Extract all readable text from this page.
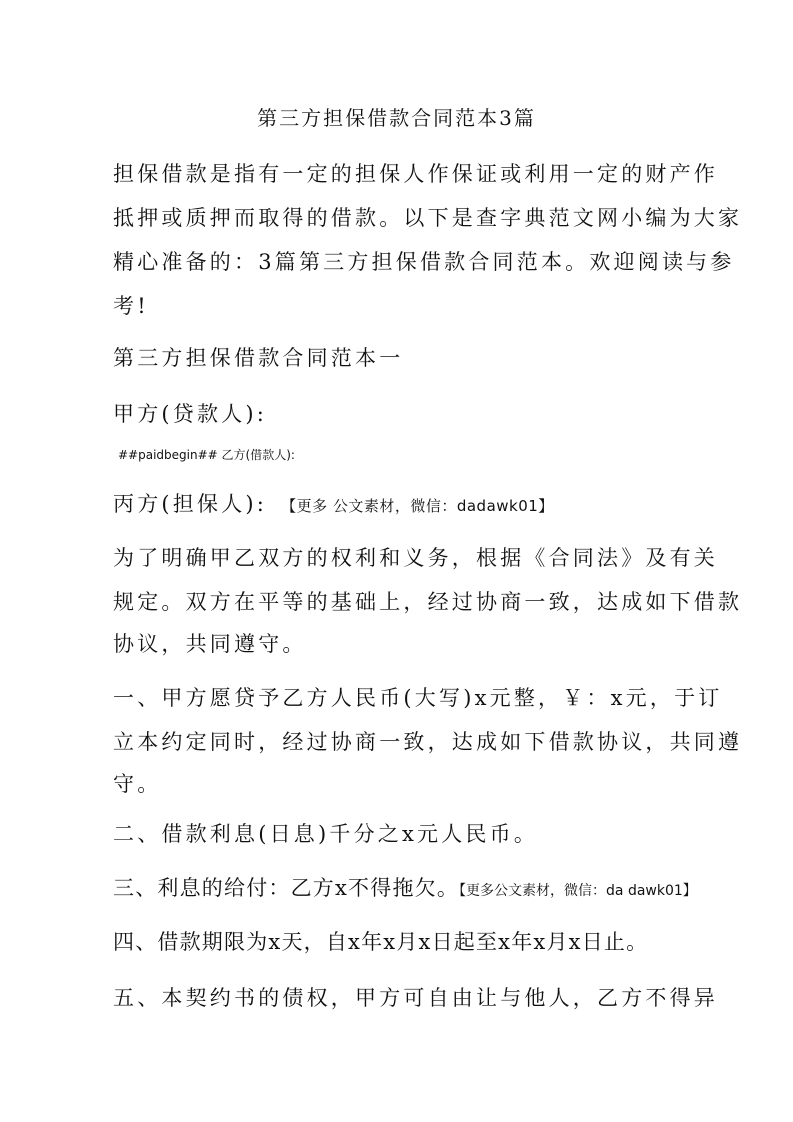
第三方担保借款合同范本3篇
担保借款是指有一定的担保人作保证或利用一定的财产作
抵押或质押而取得的借款。以下是查字典范文网小编为大家
精心准备的：3篇第三方担保借款合同范本。欢迎阅读与参
考!
第三方担保借款合同范本一
甲方(贷款人):
##paidbegin## 乙方(借款人):
丙方(担保人): 【更多 公文素材，微信：dadawk01】
为了明确甲乙双方的权利和义务，根据《合同法》及有关
规定。双方在平等的基础上，经过协商一致，达成如下借款
协议，共同遵守。
一、甲方愿贷予乙方人民币(大写)x元整，￥：x元，于订
立本约定同时，经过协商一致，达成如下借款协议，共同遵
守。
二、借款利息(日息)千分之x元人民币。
三、利息的给付：乙方x不得拖欠。【更多公文素材，微信：da dawk01】
四、借款期限为x天，自x年x月x日起至x年x月x日止。
五、本契约书的债权，甲方可自由让与他人，乙方不得异
